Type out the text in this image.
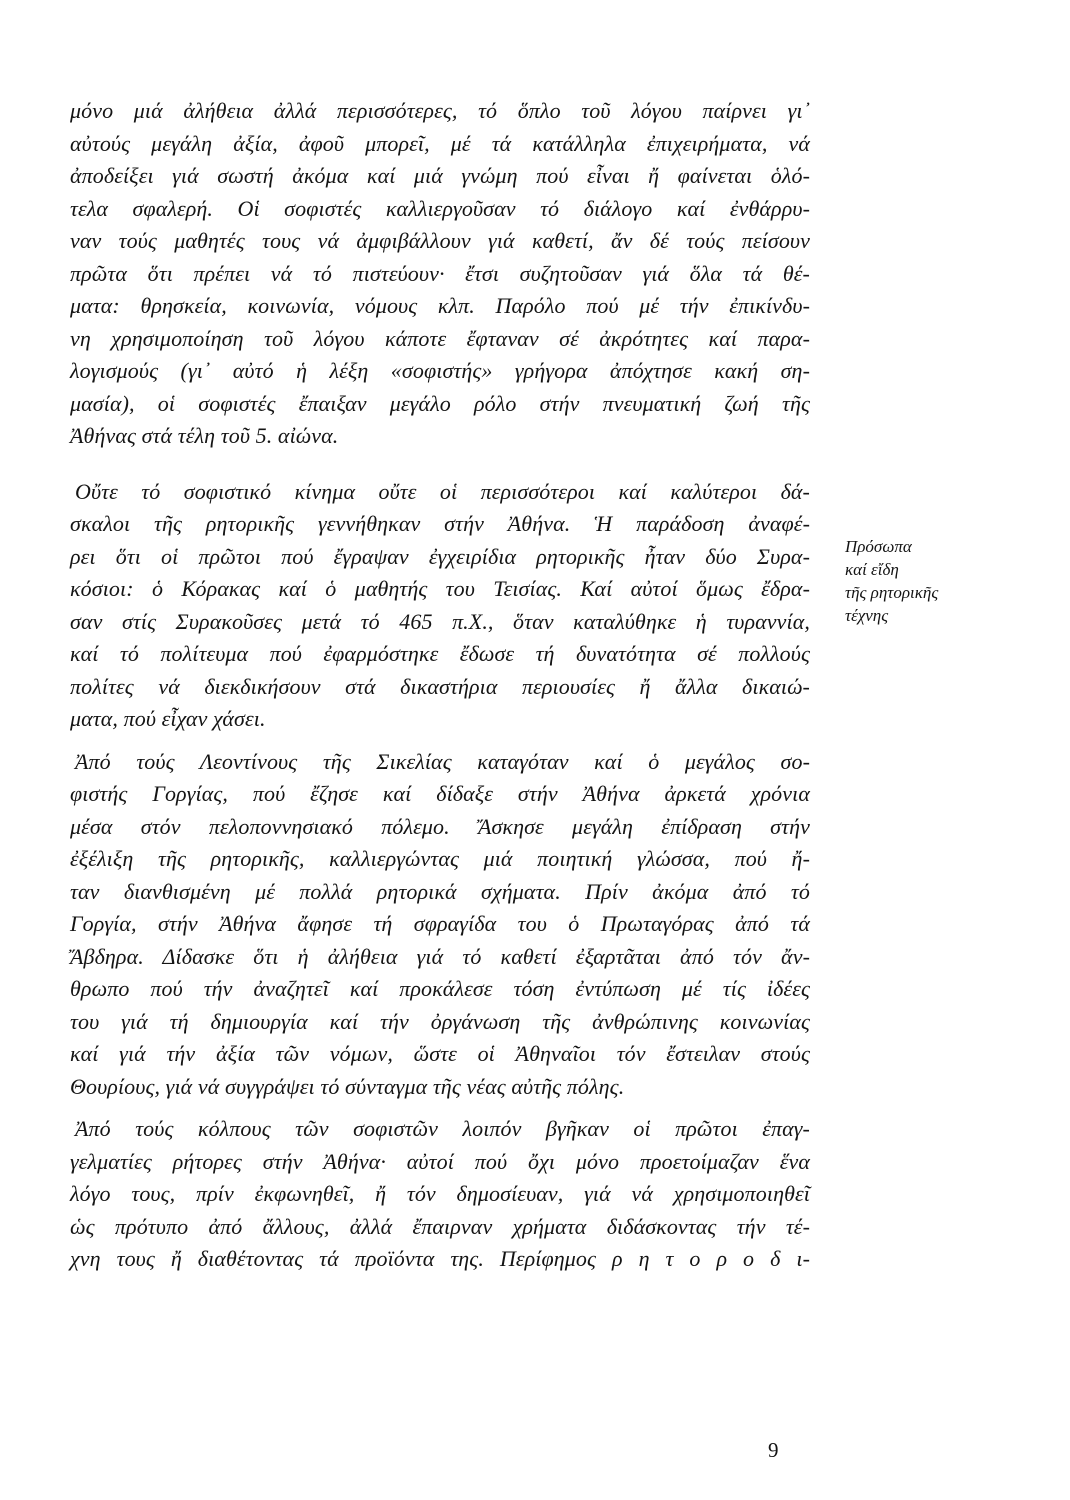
μόνο μιά ἀλήθεια ἀλλά περισσότερες, τό ὅπλο τοῦ λόγου παίρνει γι᾽
αὐτούς μεγάλη ἀξία, ἀφοῦ μπορεῖ, μέ τά κατάλληλα ἐπιχειρήματα, νά
ἀποδείξει γιά σωστή ἀκόμα καί μιά γνώμη πού εἶναι ἤ φαίνεται ὁλό-
τελα σφαλερή. Οἱ σοφιστές καλλιεργοῦσαν τό διάλογο καί ἐνθάρρυ-
ναν τούς μαθητές τους νά ἀμφιβάλλουν γιά καθετί, ἄν δέ τούς πείσουν
πρῶτα ὅτι πρέπει νά τό πιστεύουν· ἔτσι συζητοῦσαν γιά ὅλα τά θέ-
ματα: θρησκεία, κοινωνία, νόμους κλπ. Παρόλο πού μέ τήν ἐπικίνδυ-
νη χρησιμοποίηση τοῦ λόγου κάποτε ἔφταναν σέ ἀκρότητες καί παρα-
λογισμούς (γι᾽ αὐτό ἡ λέξη «σοφιστής» γρήγορα ἀπόχτησε κακή ση-
μασία), οἱ σοφιστές ἔπαιξαν μεγάλο ρόλο στήν πνευματική ζωή τῆς
Ἀθήνας στά τέλη τοῦ 5. αἰώνα.

Οὔτε τό σοφιστικό κίνημα οὔτε οἱ περισσότεροι καί καλύτεροι δά-
σκαλοι τῆς ρητορικῆς γεννήθηκαν στήν Ἀθήνα. Ἡ παράδοση ἀναφέ-
ρει ὅτι οἱ πρῶτοι πού ἔγραψαν ἐγχειρίδια ρητορικῆς ἦταν δύο Συρα-
κόσιοι: ὁ Κόρακας καί ὁ μαθητής του Τεισίας. Καί αὐτοί ὅμως ἔδρα-
σαν στίς Συρακοῦσες μετά τό 465 π.Χ., ὅταν καταλύθηκε ἡ τυραννία,
καί τό πολίτευμα πού ἐφαρμόστηκε ἔδωσε τή δυνατότητα σέ πολλούς
πολίτες νά διεκδικήσουν στά δικαστήρια περιουσίες ἤ ἄλλα δικαιώ-
ματα, πού εἶχαν χάσει.

Ἀπό τούς Λεοντίνους τῆς Σικελίας καταγόταν καί ὁ μεγάλος σο-
φιστής Γοργίας, πού ἔζησε καί δίδαξε στήν Ἀθήνα ἀρκετά χρόνια
μέσα στόν πελοποννησιακό πόλεμο. Ἄσκησε μεγάλη ἐπίδραση στήν
ἐξέλιξη τῆς ρητορικῆς, καλλιεργώντας μιά ποιητική γλώσσα, πού ἤ-
ταν διανθισμένη μέ πολλά ρητορικά σχήματα. Πρίν ἀκόμα ἀπό τό
Γοργία, στήν Ἀθήνα ἄφησε τή σφραγίδα του ὁ Πρωταγόρας ἀπό τά
Ἄβδηρα. Δίδασκε ὅτι ἡ ἀλήθεια γιά τό καθετί ἐξαρτᾶται ἀπό τόν ἄν-
θρωπο πού τήν ἀναζητεῖ καί προκάλεσε τόση ἐντύπωση μέ τίς ἰδέες
του γιά τή δημιουργία καί τήν ὀργάνωση τῆς ἀνθρώπινης κοινωνίας
καί γιά τήν ἀξία τῶν νόμων, ὥστε οἱ Ἀθηναῖοι τόν ἔστειλαν στούς
Θουρίους, γιά νά συγγράψει τό σύνταγμα τῆς νέας αὐτῆς πόλης.

Ἀπό τούς κόλπους τῶν σοφιστῶν λοιπόν βγῆκαν οἱ πρῶτοι ἐπαγ-
γελματίες ρήτορες στήν Ἀθήνα· αὐτοί πού ὄχι μόνο προετοίμαζαν ἕνα
λόγο τους, πρίν ἐκφωνηθεῖ, ἤ τόν δημοσίευαν, γιά νά χρησιμοποιηθεῖ
ὡς πρότυπο ἀπό ἄλλους, ἀλλά ἔπαιρναν χρήματα διδάσκοντας τήν τέ-
χνη τους ἤ διαθέτοντας τά προϊόντα της. Περίφημος ρ η τ ο ρ ο δ ι-

Πρόσωπα
καί εἴδη
τῆς ρητορικῆς
τέχνης
9
